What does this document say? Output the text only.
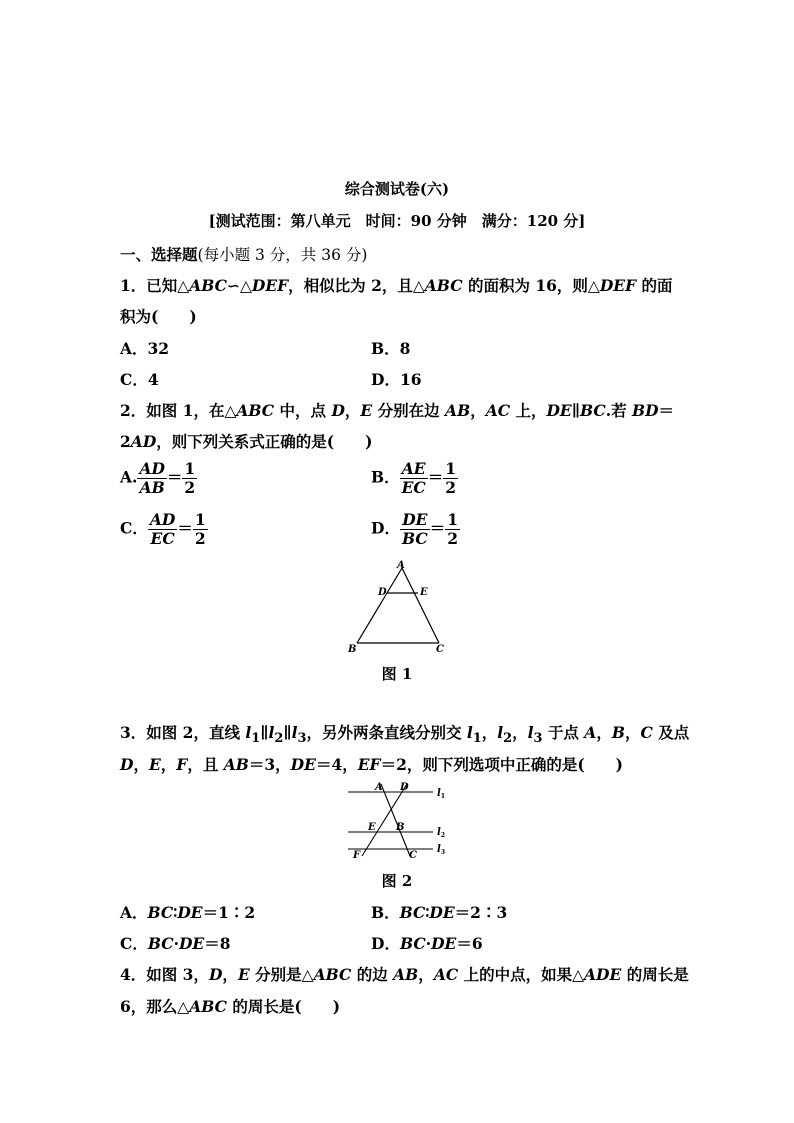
综合测试卷(六)
[测试范围：第八单元　时间：90 分钟　满分：120 分]
一、选择题(每小题 3 分，共 36 分)
1．已知△ABC∽△DEF，相似比为 2，且△ABC 的面积为 16，则△DEF 的面
积为(　　)
A．32	B．8
C．4	D．16
2．如图 1，在△ABC 中，点 D，E 分别在边 AB，AC 上，DE∥BC.若 BD＝
2AD，则下列关系式正确的是(　　)
A. $\frac{AD}{AB} = \frac{1}{2}$	B． $\frac{AE}{EC} = \frac{1}{2}$
C． $\frac{AD}{EC} = \frac{1}{2}$	D． $\frac{DE}{BC} = \frac{1}{2}$
A
D	E
B	C
图 1
3．如图 2，直线 $l_1\parallel l_2\parallel l_3$，另外两条直线分别交 $l_1$，$l_2$，$l_3$ 于点 A，B，C 及点
D，E，F，且 AB＝3，DE＝4，EF＝2，则下列选项中正确的是(　　)
A D
E B
F	C
$l_1$
$l_2$
$l_3$
图 2
A．BC∶DE＝1∶2	B．BC∶DE＝2∶3
C．BC·DE＝8	D．BC·DE＝6
4．如图 3，D，E 分别是△ABC 的边 AB，AC 上的中点，如果△ADE 的周长是
6，那么△ABC 的周长是(　　)
